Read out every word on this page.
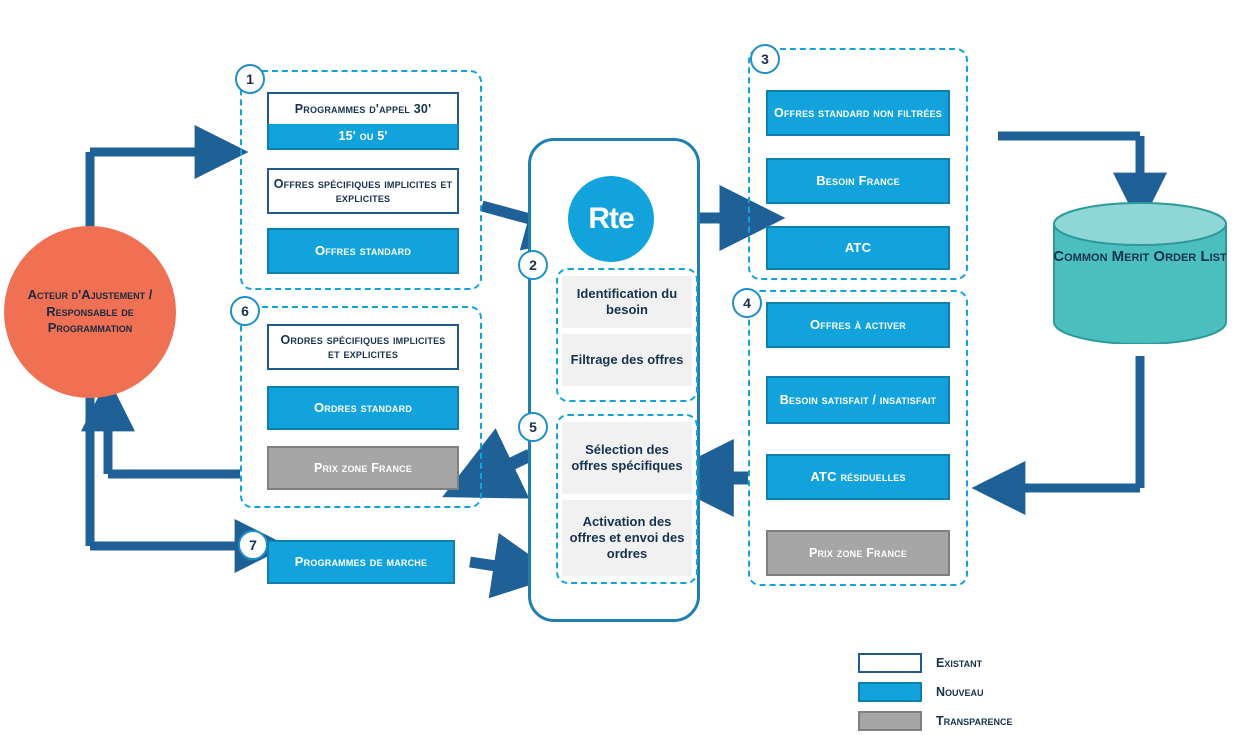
Acteur d'Ajustement / Responsable de Programmation
1
Programmes d'appel 30'
15' ou 5'
Offres spécifiques implicites et explicites
Offres standard
6
Ordres spécifiques implicites et explicites
Ordres standard
Prix zone France
7
Programmes de marche
Rte
2
Identification du besoin
Filtrage des offres
5
Sélection des offres spécifiques
Activation des offres et envoi des ordres
3
Offres standard non filtrées
Besoin France
ATC
4
Offres à activer
Besoin satisfait / insatisfait
ATC résiduelles
Prix zone France
Common Merit Order List
Existant
Nouveau
Transparence
